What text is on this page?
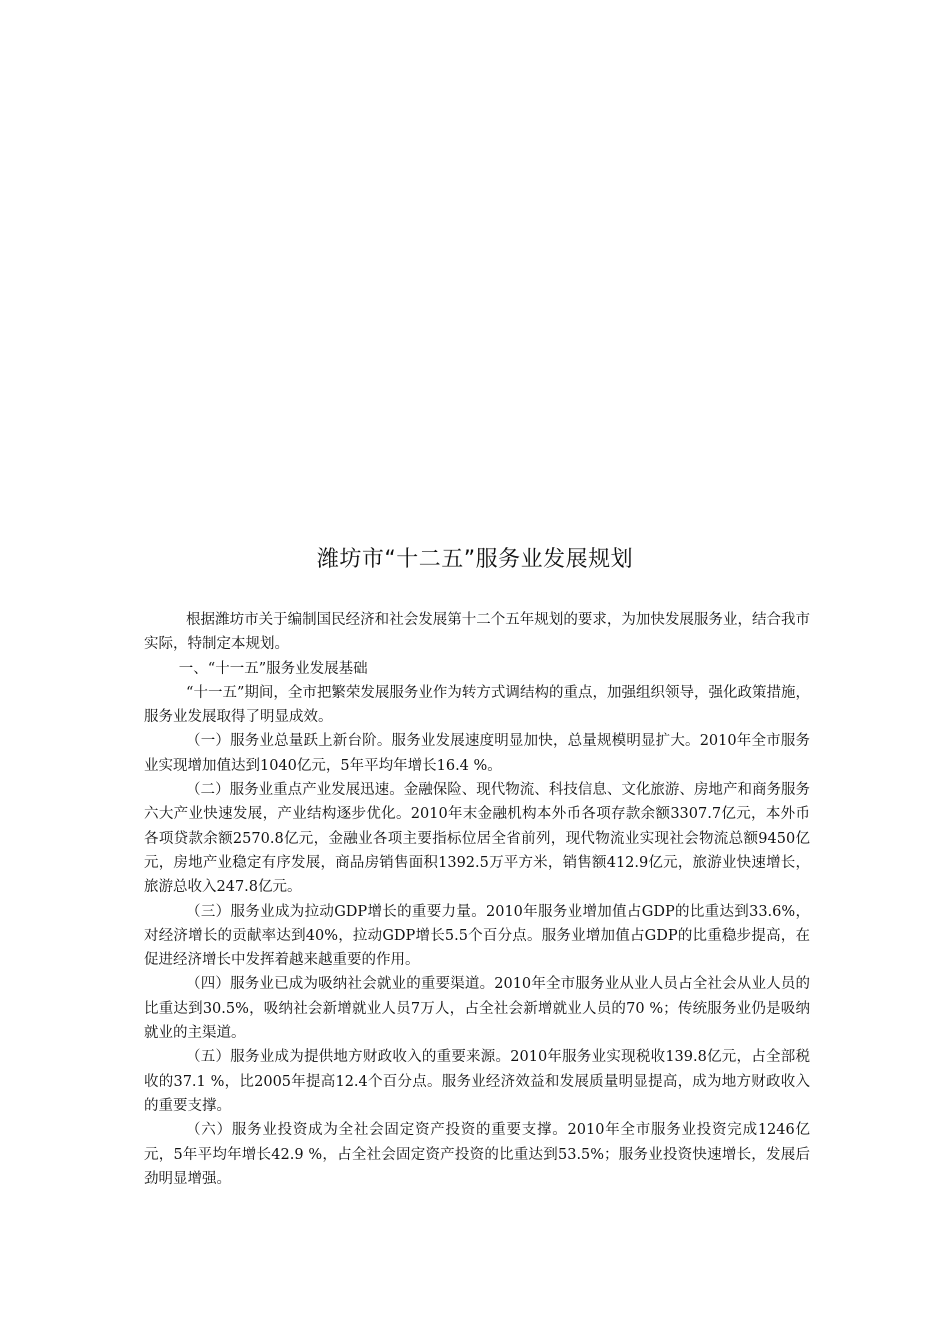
潍坊市“十二五”服务业发展规划

根据潍坊市关于编制国民经济和社会发展第十二个五年规划的要求，为加快发展服务业，结合我市实际，特制定本规划。

一、“十一五”服务业发展基础

“十一五”期间，全市把繁荣发展服务业作为转方式调结构的重点，加强组织领导，强化政策措施，服务业发展取得了明显成效。

（一）服务业总量跃上新台阶。服务业发展速度明显加快，总量规模明显扩大。2010年全市服务业实现增加值达到1040亿元，5年平均年增长16.4 %。

（二）服务业重点产业发展迅速。金融保险、现代物流、科技信息、文化旅游、房地产和商务服务六大产业快速发展，产业结构逐步优化。2010年末金融机构本外币各项存款余额3307.7亿元，本外币各项贷款余额2570.8亿元，金融业各项主要指标位居全省前列，现代物流业实现社会物流总额9450亿元，房地产业稳定有序发展，商品房销售面积1392.5万平方米，销售额412.9亿元，旅游业快速增长，旅游总收入247.8亿元。

（三）服务业成为拉动GDP增长的重要力量。2010年服务业增加值占GDP的比重达到33.6%，对经济增长的贡献率达到40%，拉动GDP增长5.5个百分点。服务业增加值占GDP的比重稳步提高，在促进经济增长中发挥着越来越重要的作用。

（四）服务业已成为吸纳社会就业的重要渠道。2010年全市服务业从业人员占全社会从业人员的比重达到30.5%，吸纳社会新增就业人员7万人，占全社会新增就业人员的70 %；传统服务业仍是吸纳就业的主渠道。

（五）服务业成为提供地方财政收入的重要来源。2010年服务业实现税收139.8亿元，占全部税收的37.1 %，比2005年提高12.4个百分点。服务业经济效益和发展质量明显提高，成为地方财政收入的重要支撑。

（六）服务业投资成为全社会固定资产投资的重要支撑。2010年全市服务业投资完成1246亿元，5年平均年增长42.9 %，占全社会固定资产投资的比重达到53.5%；服务业投资快速增长，发展后劲明显增强。
